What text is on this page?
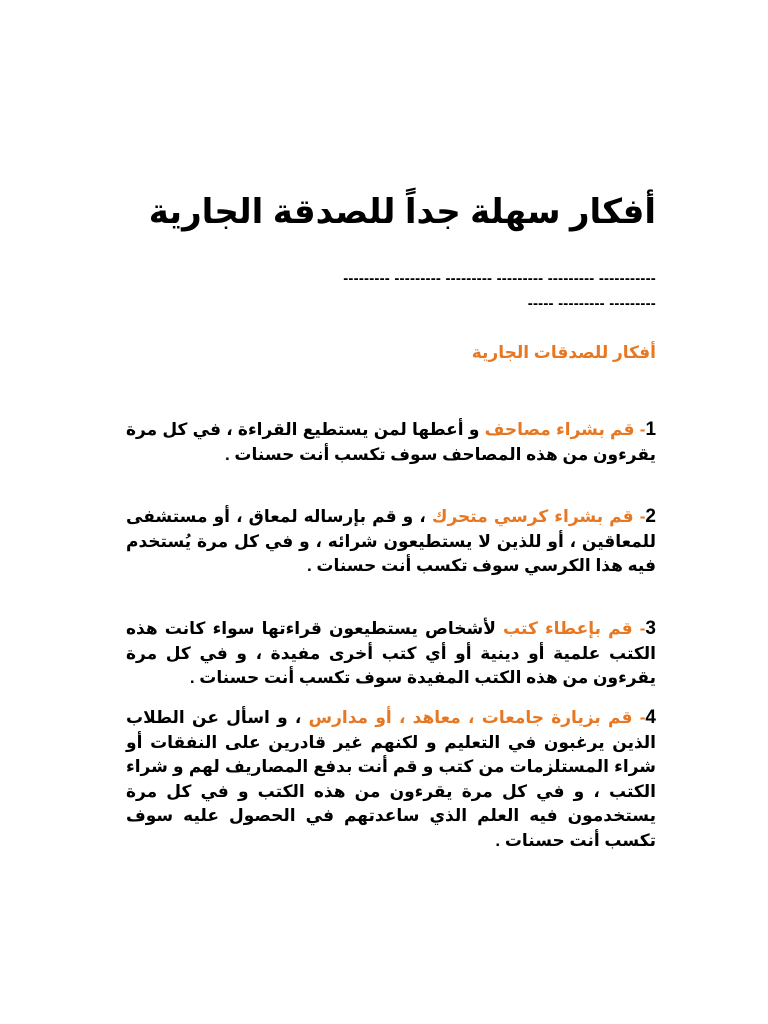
أفكار سهلة جداً للصدقة الجارية
--------- --------- --------- --------- --------- -----------
----- --------- ---------
أفكار للصدقات الجارية
1- قم بشراء مصاحف و أعطها لمن يستطيع القراءة ، في كل مرة يقرءون من هذه المصاحف سوف تكسب أنت حسنات .
2- قم بشراء كرسي متحرك ، و قم بإرساله لمعاق ، أو مستشفى للمعاقين ، أو للذين لا يستطيعون شرائه ، و في كل مرة يُستخدم فيه هذا الكرسي سوف تكسب أنت حسنات .
3- قم بإعطاء كتب لأشخاص يستطيعون قراءتها سواء كانت هذه الكتب علمية أو دينية أو أي كتب أخرى مفيدة ، و في كل مرة يقرءون من هذه الكتب المفيدة سوف تكسب أنت حسنات .
4- قم بزيارة جامعات ، معاهد ، أو مدارس ، و اسأل عن الطلاب الذين يرغبون في التعليم و لكنهم غير قادرين على النفقات أو شراء المستلزمات من كتب و قم أنت بدفع المصاريف لهم و شراء الكتب ، و في كل مرة يقرءون من هذه الكتب و في كل مرة يستخدمون فيه العلم الذي ساعدتهم في الحصول عليه سوف تكسب أنت حسنات .
